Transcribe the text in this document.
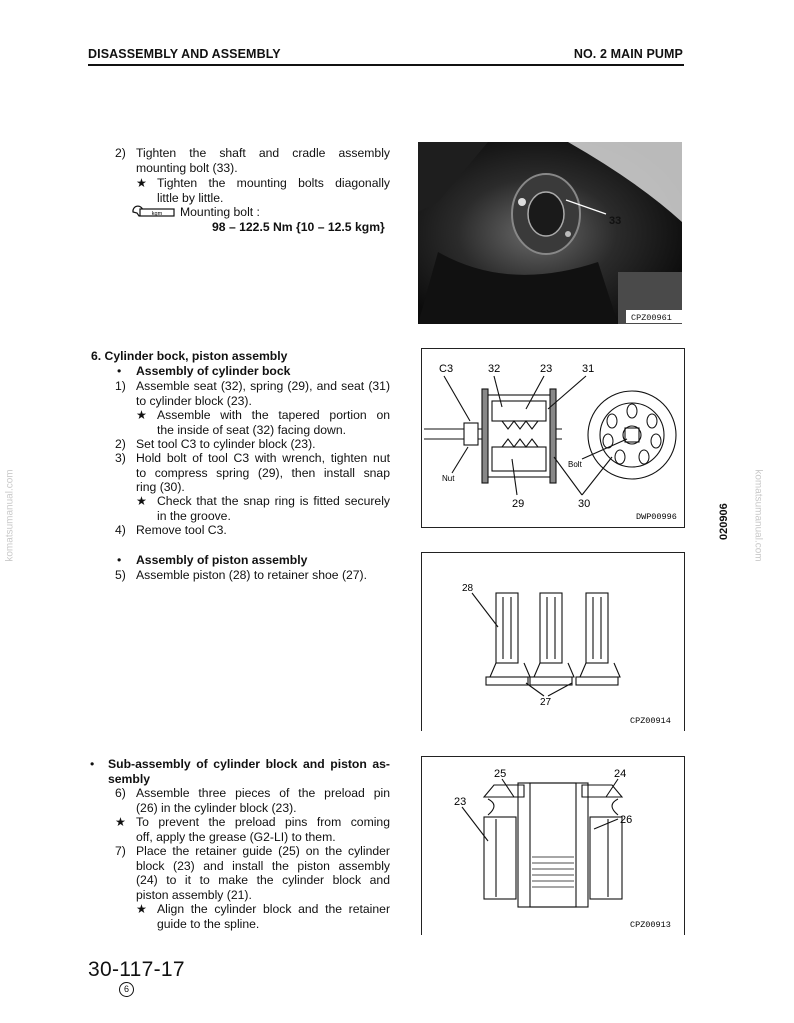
DISASSEMBLY AND ASSEMBLY	NO. 2 MAIN PUMP
komatsumanual.com	komatsumanual.com
020906
2) Tighten the shaft and cradle assembly
mounting bolt (33).
★ Tighten the mounting bolts diagonally
little by little.
kgm Mounting bolt :
98 – 122.5 Nm {10 – 12.5 kgm}	33
CPZ00961
6. Cylinder bock, piston assembly
• Assembly of cylinder bock
1) Assemble seat (32), spring (29), and seat (31)
to cylinder block (23).
★ Assemble with the tapered portion on
the inside of seat (32) facing down.
2) Set tool C3 to cylinder block (23).
3) Hold bolt of tool C3 with wrench, tighten nut
to compress spring (29), then install snap
ring (30).
★ Check that the snap ring is fitted securely
in the groove.
4) Remove tool C3.
• Assembly of piston assembly
5) Assemble piston (28) to retainer shoe (27).
C3	32	23	31
Bolt
Nut
29	30
DWP00996
28
27
CPZ00914
• Sub-assembly of cylinder block and piston as-
sembly
6) Assemble three pieces of the preload pin
(26) in the cylinder block (23).
★ To prevent the preload pins from coming
off, apply the grease (G2-LI) to them.
7) Place the retainer guide (25) on the cylinder
block (23) and install the piston assembly
(24) to it to make the cylinder block and
piston assembly (21).
★ Align the cylinder block and the retainer
guide to the spline.
25	24
23
26
CPZ00913
30-117-17
6
